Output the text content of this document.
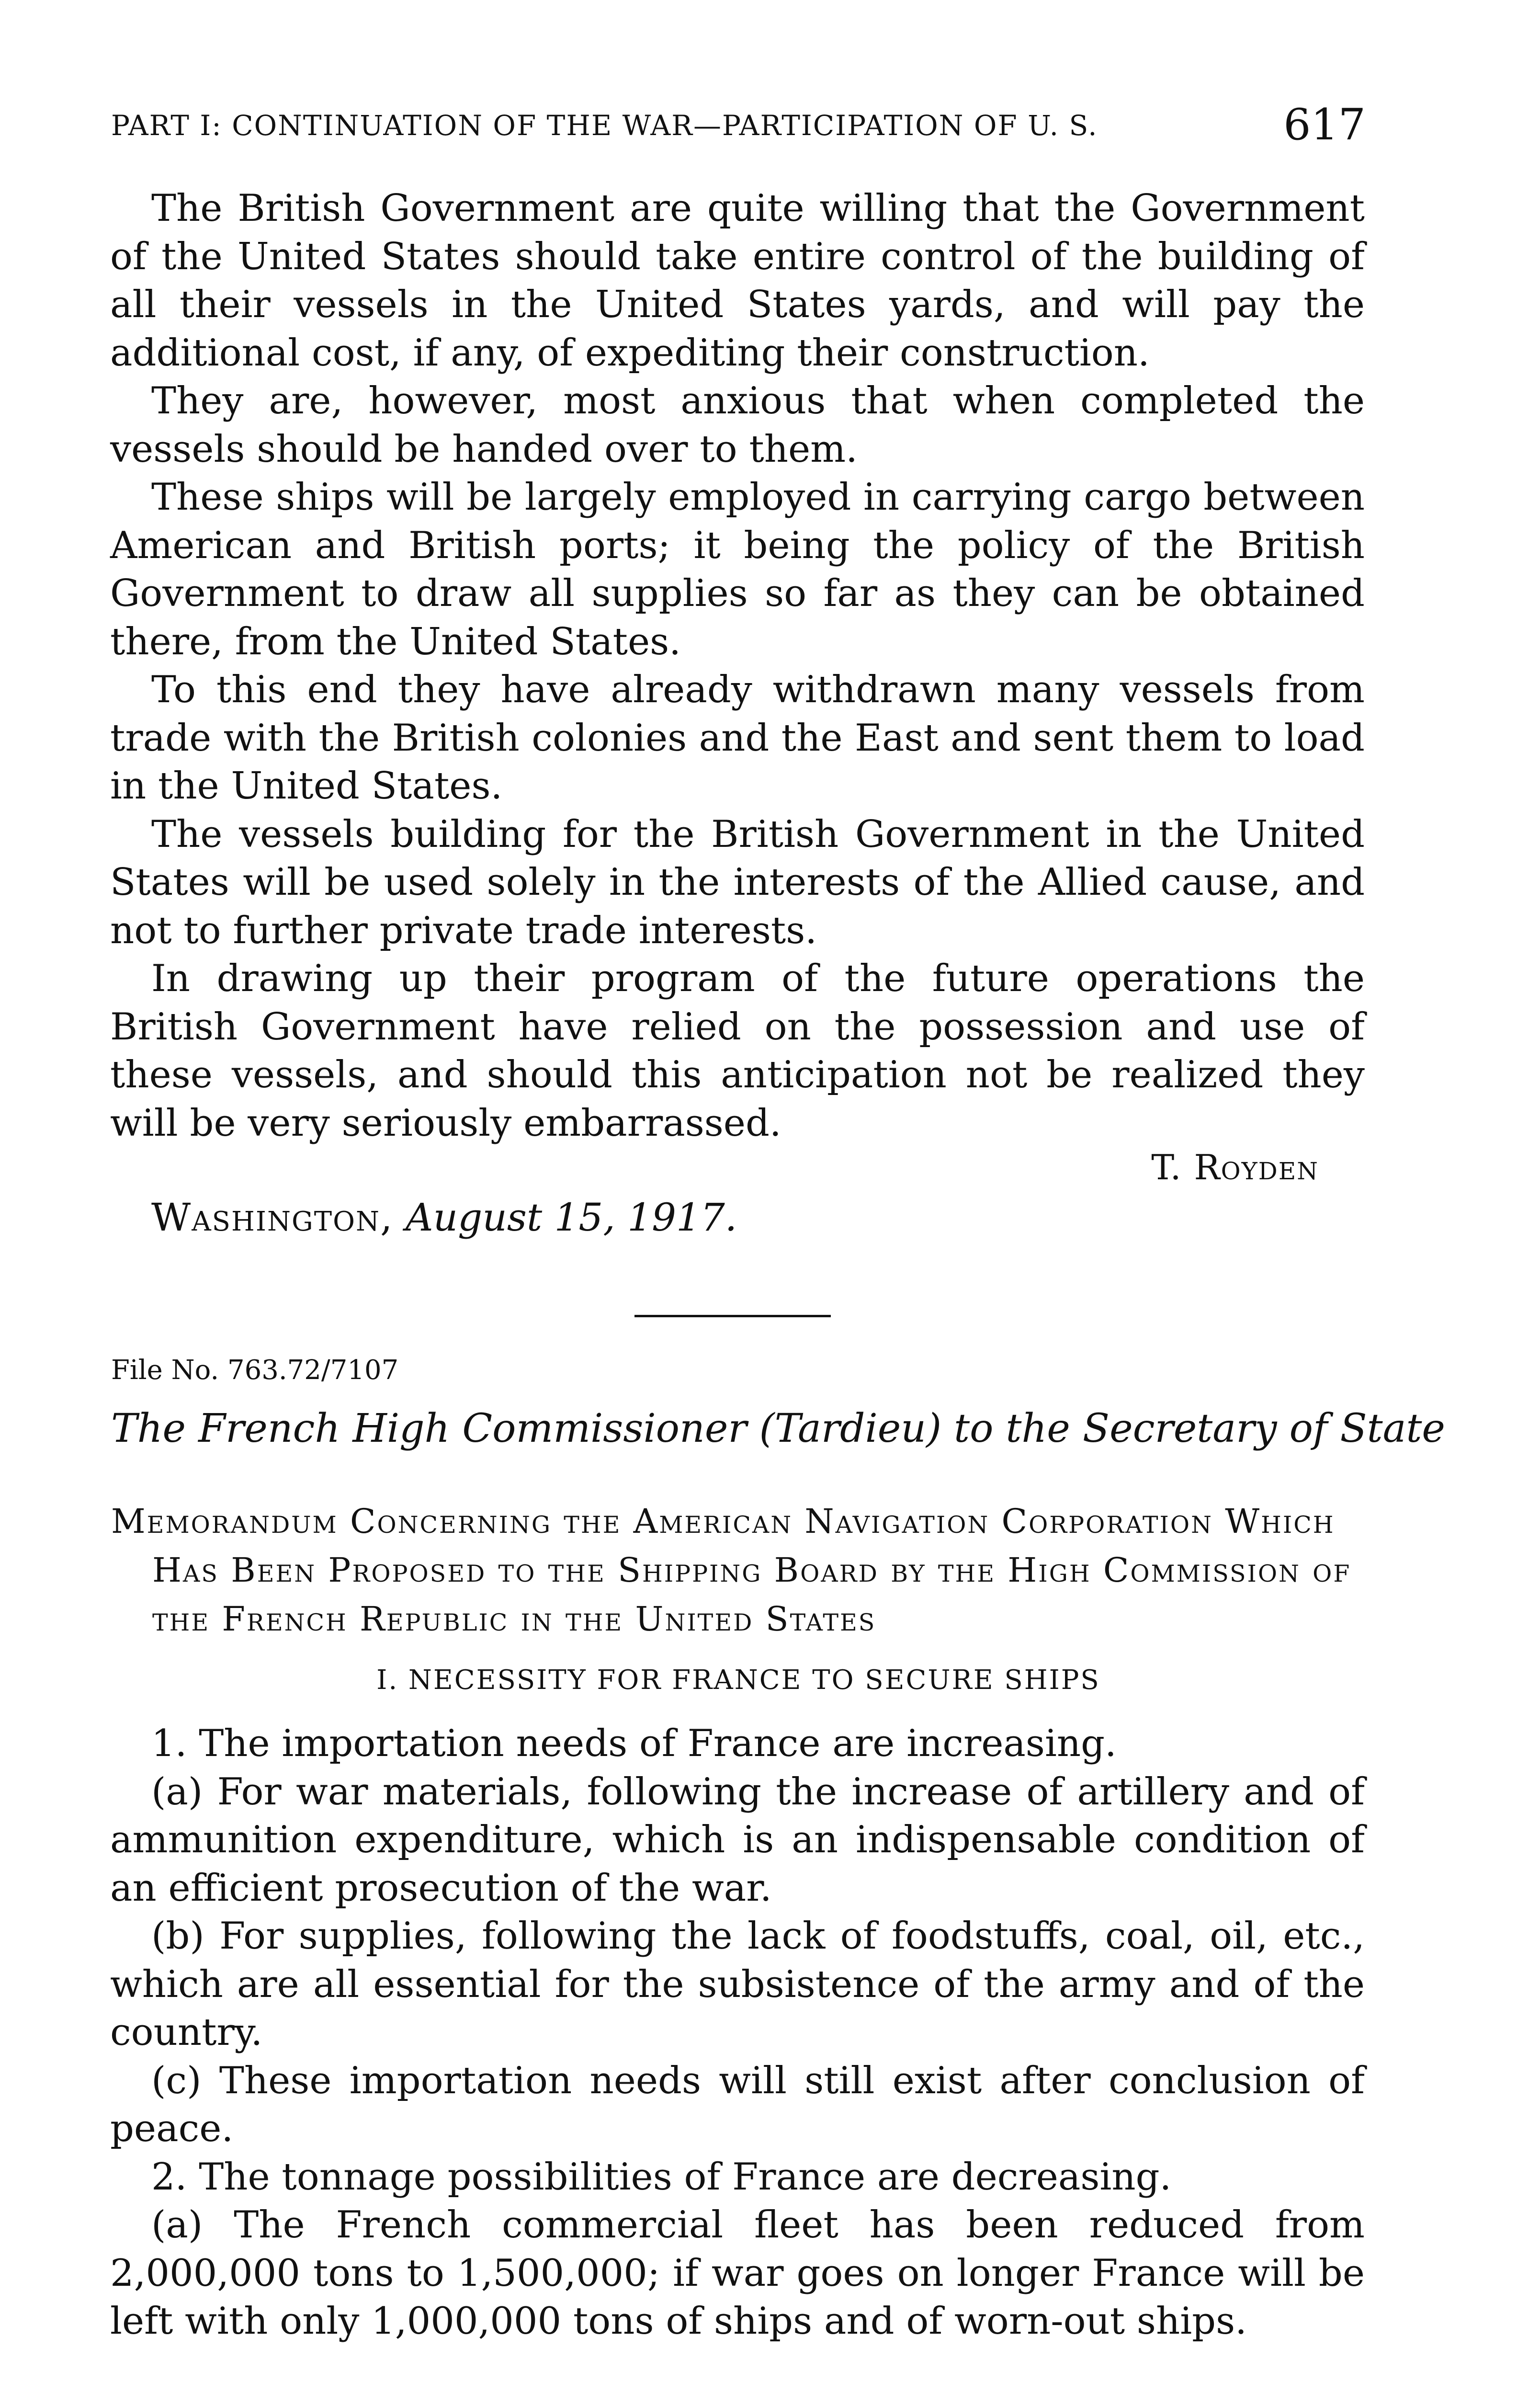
PART I: CONTINUATION OF THE WAR—PARTICIPATION OF U. S.	617

The British Government are quite willing that the Government of the United States should take entire control of the building of all their vessels in the United States yards, and will pay the additional cost, if any, of expediting their construction.

They are, however, most anxious that when completed the vessels should be handed over to them.

These ships will be largely employed in carrying cargo between American and British ports; it being the policy of the British Government to draw all supplies so far as they can be obtained there, from the United States.

To this end they have already withdrawn many vessels from trade with the British colonies and the East and sent them to load in the United States.

The vessels building for the British Government in the United States will be used solely in the interests of the Allied cause, and not to further private trade interests.

In drawing up their program of the future operations the British Government have relied on the possession and use of these vessels, and should this anticipation not be realized they will be very seriously embarrassed.

T. Royden
Washington, August 15, 1917.
File No. 763.72/7107
The French High Commissioner (Tardieu) to the Secretary of State
Memorandum Concerning the American Navigation Corporation Which Has Been Proposed to the Shipping Board by the High Commission of the French Republic in the United States
I. NECESSITY FOR FRANCE TO SECURE SHIPS

1. The importation needs of France are increasing.

(a) For war materials, following the increase of artillery and of ammunition expenditure, which is an indispensable condition of an efficient prosecution of the war.

(b) For supplies, following the lack of foodstuffs, coal, oil, etc., which are all essential for the subsistence of the army and of the country.

(c) These importation needs will still exist after conclusion of peace.

2. The tonnage possibilities of France are decreasing.

(a) The French commercial fleet has been reduced from 2,000,000 tons to 1,500,000; if war goes on longer France will be left with only 1,000,000 tons of ships and of worn-out ships.
